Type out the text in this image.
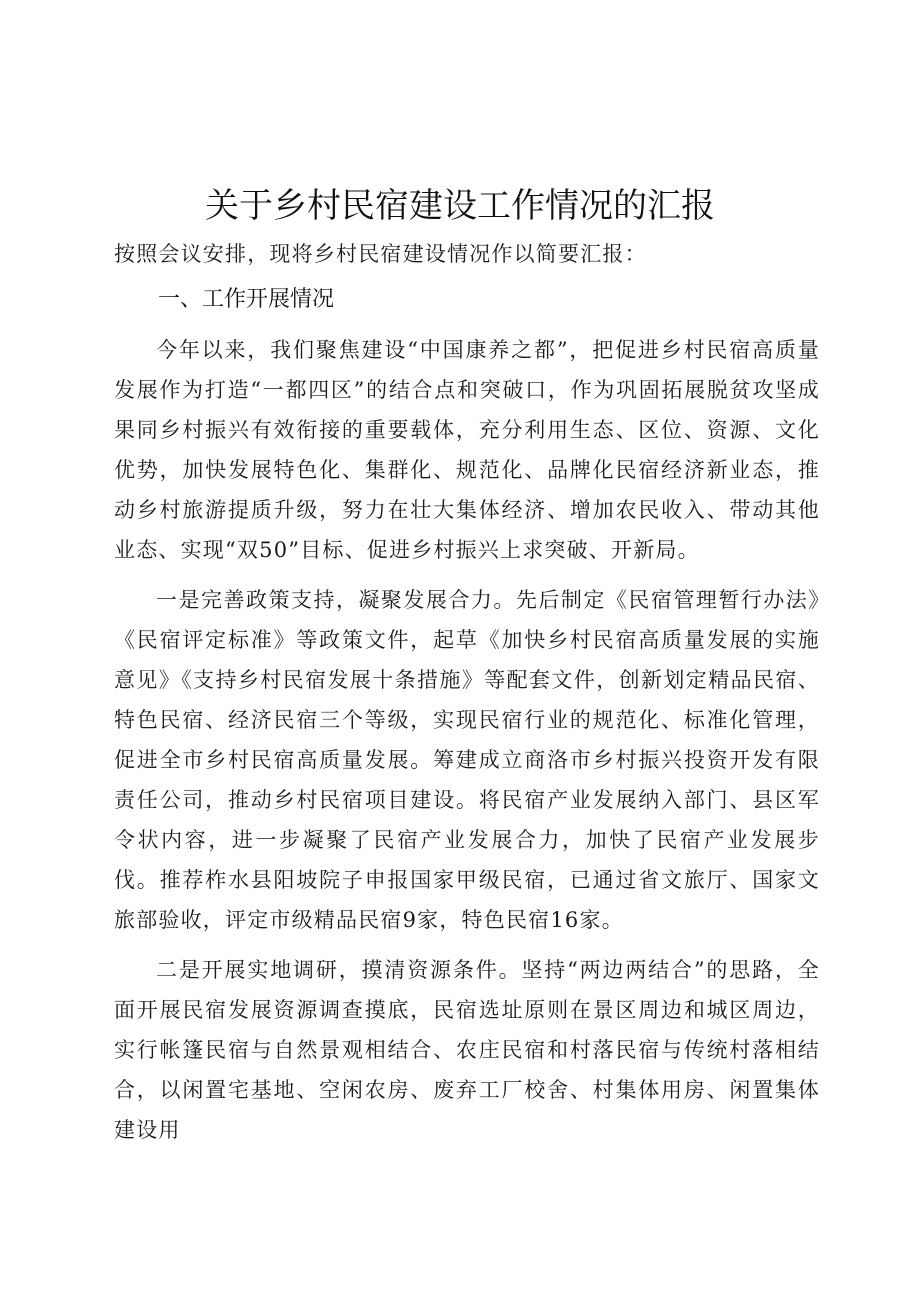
关于乡村民宿建设工作情况的汇报

按照会议安排，现将乡村民宿建设情况作以简要汇报：

一、工作开展情况

今年以来，我们聚焦建设“中国康养之都”，把促进乡村民宿高质量发展作为打造“一都四区”的结合点和突破口，作为巩固拓展脱贫攻坚成果同乡村振兴有效衔接的重要载体，充分利用生态、区位、资源、文化优势，加快发展特色化、集群化、规范化、品牌化民宿经济新业态，推动乡村旅游提质升级，努力在壮大集体经济、增加农民收入、带动其他业态、实现“双50”目标、促进乡村振兴上求突破、开新局。

一是完善政策支持，凝聚发展合力。先后制定《民宿管理暂行办法》《民宿评定标准》等政策文件，起草《加快乡村民宿高质量发展的实施意见》《支持乡村民宿发展十条措施》等配套文件，创新划定精品民宿、特色民宿、经济民宿三个等级，实现民宿行业的规范化、标准化管理，促进全市乡村民宿高质量发展。筹建成立商洛市乡村振兴投资开发有限责任公司，推动乡村民宿项目建设。将民宿产业发展纳入部门、县区军令状内容，进一步凝聚了民宿产业发展合力，加快了民宿产业发展步伐。推荐柞水县阳坡院子申报国家甲级民宿，已通过省文旅厅、国家文旅部验收，评定市级精品民宿9家，特色民宿16家。

二是开展实地调研，摸清资源条件。坚持“两边两结合”的思路，全面开展民宿发展资源调查摸底，民宿选址原则在景区周边和城区周边，实行帐篷民宿与自然景观相结合、农庄民宿和村落民宿与传统村落相结合，以闲置宅基地、空闲农房、废弃工厂校舍、村集体用房、闲置集体建设用
